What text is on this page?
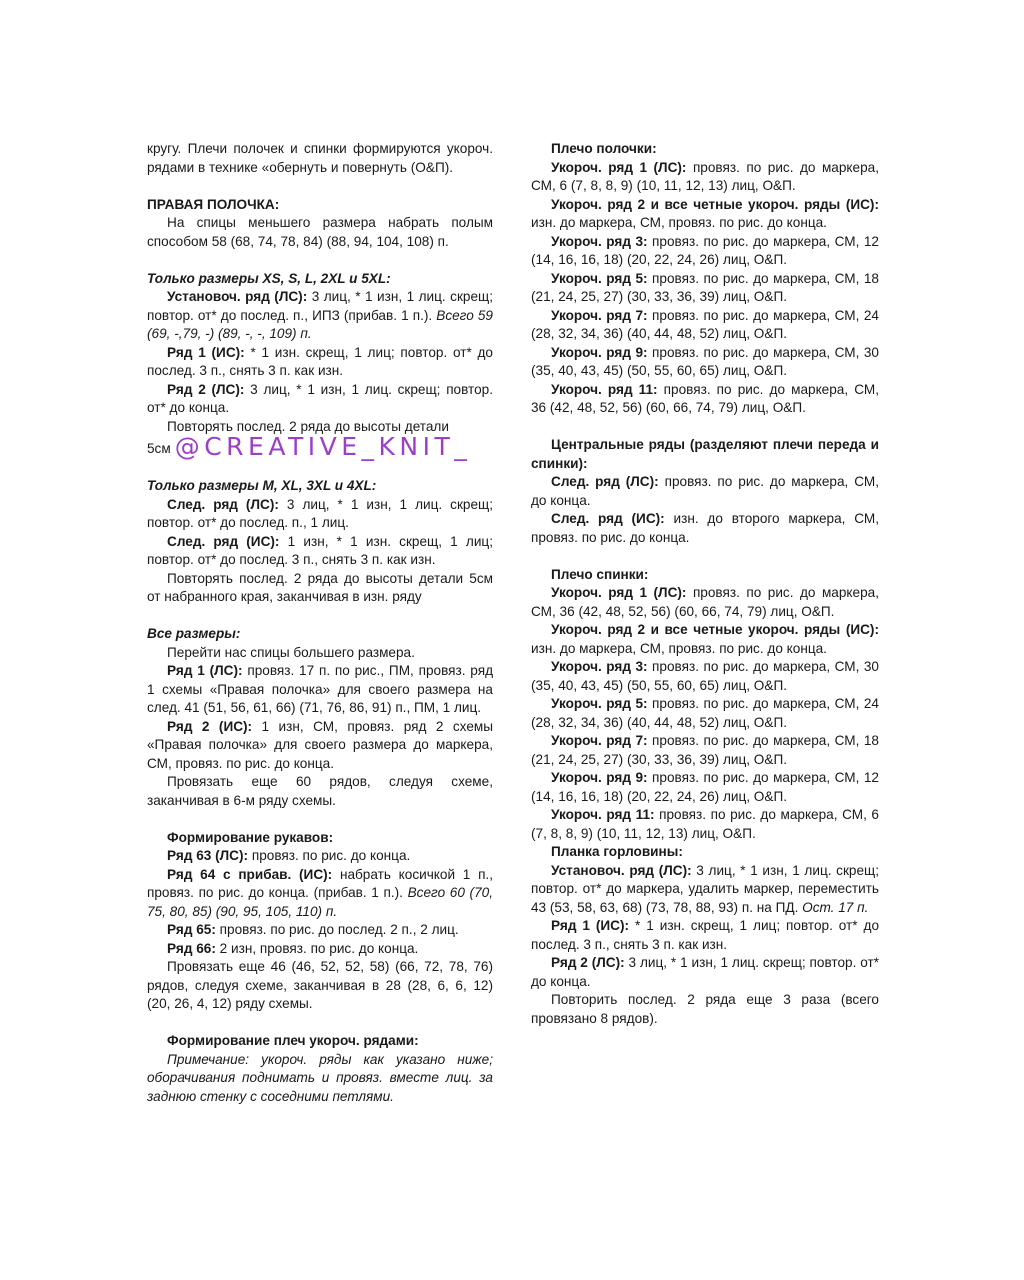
кругу. Плечи полочек и спинки формируются укороч. рядами в технике «обернуть и повернуть (О&П).

ПРАВАЯ ПОЛОЧКА:

На спицы меньшего размера набрать полым способом 58 (68, 74, 78, 84) (88, 94, 104, 108) п.

Только размеры XS, S, L, 2XL и 5XL:

Установоч. ряд (ЛС): 3 лиц, * 1 изн, 1 лиц. скрещ; повтор. от* до послед. п., ИПЗ (прибав. 1 п.). Всего 59 (69, -,79, -) (89, -, -, 109) п.

Ряд 1 (ИС): * 1 изн. скрещ, 1 лиц; повтор. от* до послед. 3 п., снять 3 п. как изн.

Ряд 2 (ЛС): 3 лиц, * 1 изн, 1 лиц. скрещ; повтор. от* до конца.

Повторять послед. 2 ряда до высоты детали

5см @CREATIVE_KNIT_

Только размеры M, XL, 3XL и 4XL:

След. ряд (ЛС): 3 лиц, * 1 изн, 1 лиц. скрещ; повтор. от* до послед. п., 1 лиц.

След. ряд (ИС): 1 изн, * 1 изн. скрещ, 1 лиц; повтор. от* до послед. 3 п., снять 3 п. как изн.

Повторять послед. 2 ряда до высоты детали 5см от набранного края, заканчивая в изн. ряду

Все размеры:

Перейти нас спицы большего размера.

Ряд 1 (ЛС): провяз. 17 п. по рис., ПМ, провяз. ряд 1 схемы «Правая полочка» для своего размера на след. 41 (51, 56, 61, 66) (71, 76, 86, 91) п., ПМ, 1 лиц.

Ряд 2 (ИС): 1 изн, СМ, провяз. ряд 2 схемы «Правая полочка» для своего размера до маркера, СМ, провяз. по рис. до конца.

Провязать еще 60 рядов, следуя схеме, заканчивая в 6-м ряду схемы.

Формирование рукавов:

Ряд 63 (ЛС): провяз. по рис. до конца.

Ряд 64 с прибав. (ИС): набрать косичкой 1 п., провяз. по рис. до конца. (прибав. 1 п.). Всего 60 (70, 75, 80, 85) (90, 95, 105, 110) п.

Ряд 65: провяз. по рис. до послед. 2 п., 2 лиц.

Ряд 66: 2 изн, провяз. по рис. до конца.

Провязать еще 46 (46, 52, 52, 58) (66, 72, 78, 76) рядов, следуя схеме, заканчивая в 28 (28, 6, 6, 12) (20, 26, 4, 12) ряду схемы.

Формирование плеч укороч. рядами:

Примечание: укороч. ряды как указано ниже; оборачивания поднимать и провяз. вместе лиц. за заднюю стенку с соседними петлями.

Плечо полочки:

Укороч. ряд 1 (ЛС): провяз. по рис. до маркера, СМ, 6 (7, 8, 8, 9) (10, 11, 12, 13) лиц, О&П.

Укороч. ряд 2 и все четные укороч. ряды (ИС): изн. до маркера, СМ, провяз. по рис. до конца.

Укороч. ряд 3: провяз. по рис. до маркера, СМ, 12 (14, 16, 16, 18) (20, 22, 24, 26) лиц, О&П.

Укороч. ряд 5: провяз. по рис. до маркера, СМ, 18 (21, 24, 25, 27) (30, 33, 36, 39) лиц, О&П.

Укороч. ряд 7: провяз. по рис. до маркера, СМ, 24 (28, 32, 34, 36) (40, 44, 48, 52) лиц, О&П.

Укороч. ряд 9: провяз. по рис. до маркера, СМ, 30 (35, 40, 43, 45) (50, 55, 60, 65) лиц, О&П.

Укороч. ряд 11: провяз. по рис. до маркера, СМ, 36 (42, 48, 52, 56) (60, 66, 74, 79) лиц, О&П.

Центральные ряды (разделяют плечи переда и спинки):

След. ряд (ЛС): провяз. по рис. до маркера, СМ, до конца.

След. ряд (ИС): изн. до второго маркера, СМ, провяз. по рис. до конца.

Плечо спинки:

Укороч. ряд 1 (ЛС): провяз. по рис. до маркера, СМ, 36 (42, 48, 52, 56) (60, 66, 74, 79) лиц, О&П.

Укороч. ряд 2 и все четные укороч. ряды (ИС): изн. до маркера, СМ, провяз. по рис. до конца.

Укороч. ряд 3: провяз. по рис. до маркера, СМ, 30 (35, 40, 43, 45) (50, 55, 60, 65) лиц, О&П.

Укороч. ряд 5: провяз. по рис. до маркера, СМ, 24 (28, 32, 34, 36) (40, 44, 48, 52) лиц, О&П.

Укороч. ряд 7: провяз. по рис. до маркера, СМ, 18 (21, 24, 25, 27) (30, 33, 36, 39) лиц, О&П.

Укороч. ряд 9: провяз. по рис. до маркера, СМ, 12 (14, 16, 16, 18) (20, 22, 24, 26) лиц, О&П.

Укороч. ряд 11: провяз. по рис. до маркера, СМ, 6 (7, 8, 8, 9) (10, 11, 12, 13) лиц, О&П.

Планка горловины:

Установоч. ряд (ЛС): 3 лиц, * 1 изн, 1 лиц. скрещ; повтор. от* до маркера, удалить маркер, переместить 43 (53, 58, 63, 68) (73, 78, 88, 93) п. на ПД. Ост. 17 п.

Ряд 1 (ИС): * 1 изн. скрещ, 1 лиц; повтор. от* до послед. 3 п., снять 3 п. как изн.

Ряд 2 (ЛС): 3 лиц, * 1 изн, 1 лиц. скрещ; повтор. от* до конца.

Повторить послед. 2 ряда еще 3 раза (всего провязано 8 рядов).
